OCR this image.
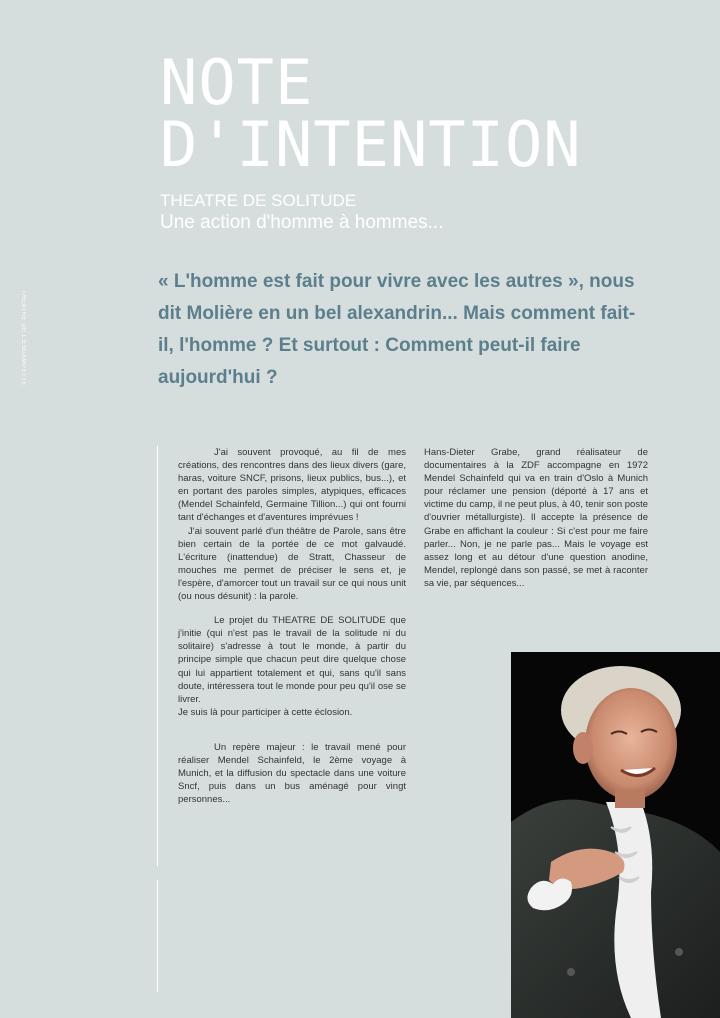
THEATRE DE L'ESCAMPETTE
NOTE
D'INTENTION
THEATRE DE SOLITUDE
Une action d'homme à hommes...
« L'homme est fait pour vivre avec les autres », nous dit Molière en un bel alexandrin... Mais comment fait-il, l'homme ? Et surtout : Comment peut-il faire aujourd'hui ?

J'ai souvent provoqué, au fil de mes créations, des rencontres dans des lieux divers (gare, haras, voiture SNCF, prisons, lieux publics, bus...), et en portant des paroles simples, atypiques, efficaces (Mendel Schainfeld, Germaine Tillion...) qui ont fourni tant d'échanges et d'aventures imprévues !

J'ai souvent parlé d'un théâtre de Parole, sans être bien certain de la portée de ce mot galvaudé. L'écriture (inattendue) de Stratt, Chasseur de mouches me permet de préciser le sens et, je l'espère, d'amorcer tout un travail sur ce qui nous unit (ou nous désunit) : la parole.

Le projet du THEATRE DE SOLITUDE que j'initie (qui n'est pas le travail de la solitude ni du solitaire) s'adresse à tout le monde, à partir du principe simple que chacun peut dire quelque chose qui lui appartient totalement et qui, sans qu'il sans doute, intéressera tout le monde pour peu qu'il ose se livrer.

Je suis là pour participer à cette éclosion.

Un repère majeur : le travail mené pour réaliser Mendel Schainfeld, le 2ème voyage à Munich, et la diffusion du spectacle dans une voiture Sncf, puis dans un bus aménagé pour vingt personnes...

Hans-Dieter Grabe, grand réalisateur de documentaires à la ZDF accompagne en 1972 Mendel Schainfeld qui va en train d'Oslo à Munich pour réclamer une pension (déporté à 17 ans et victime du camp, il ne peut plus, à 40, tenir son poste d'ouvrier métallurgiste). Il accepte la présence de Grabe en affichant la couleur : Si c'est pour me faire parler... Non, je ne parle pas... Mais le voyage est assez long et au détour d'une question anodine, Mendel, replongé dans son passé, se met à raconter sa vie, par séquences...
